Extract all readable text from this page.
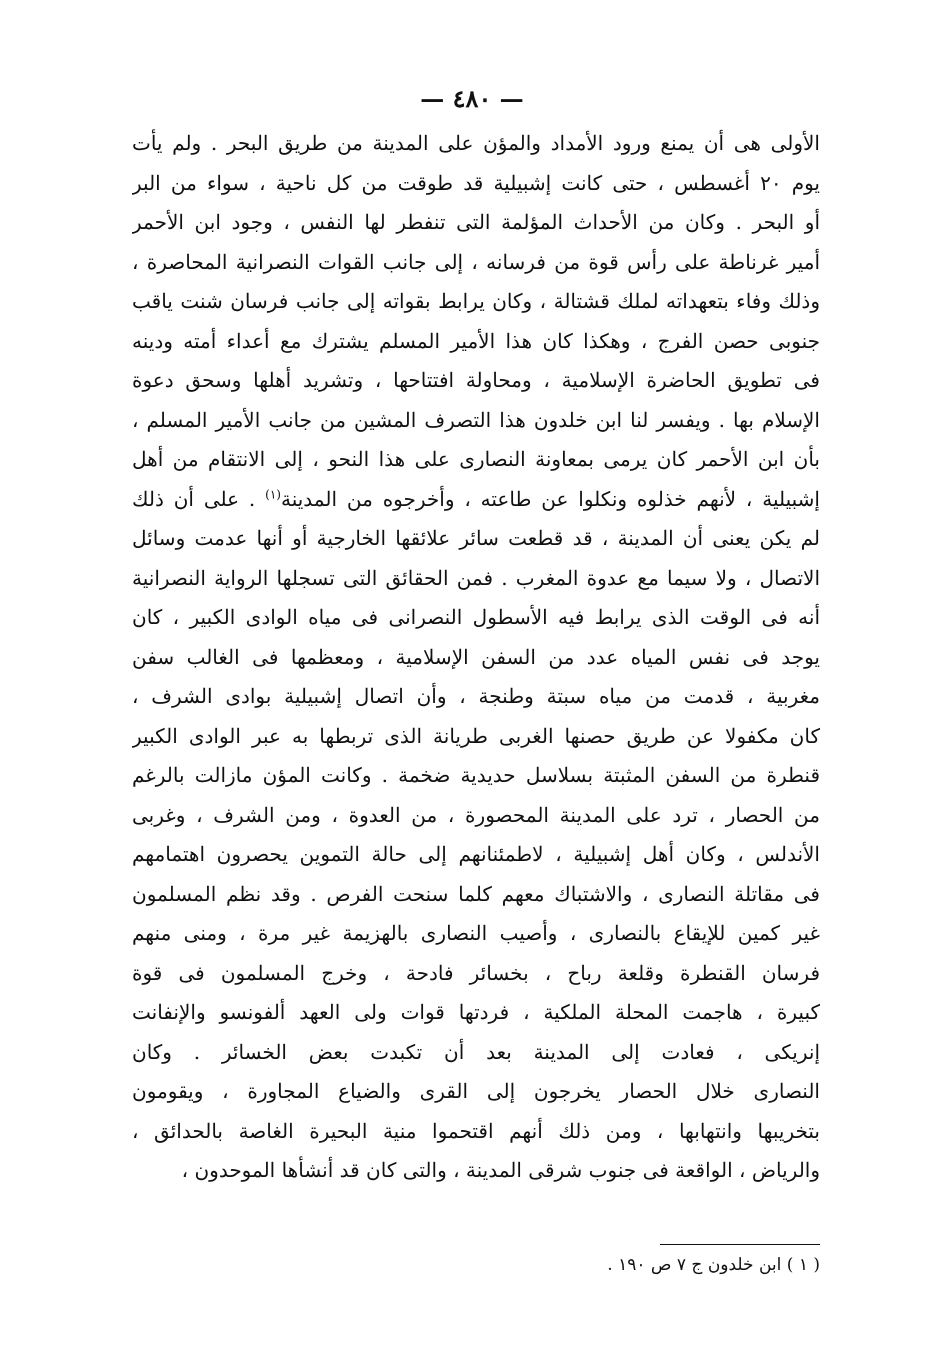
— ٤٨٠ —
الأولى هى أن يمنع ورود الأمداد والمؤن على المدينة من طريق البحر . ولم يأت
يوم ٢٠ أغسطس ، حتى كانت إشبيلية قد طوقت من كل ناحية ، سواء من البر
أو البحر . وكان من الأحداث المؤلمة التى تنفطر لها النفس ، وجود ابن الأحمر
أمير غرناطة على رأس قوة من فرسانه ، إلى جانب القوات النصرانية المحاصرة ،
وذلك وفاء بتعهداته لملك قشتالة ، وكان يرابط بقواته إلى جانب فرسان شنت ياقب
جنوبى حصن الفرج ، وهكذا كان هذا الأمير المسلم يشترك مع أعداء أمته ودينه
فى تطويق الحاضرة الإسلامية ، ومحاولة افتتاحها ، وتشريد أهلها وسحق دعوة
الإسلام بها . ويفسر لنا ابن خلدون هذا التصرف المشين من جانب الأمير المسلم ،
بأن ابن الأحمر كان يرمى بمعاونة النصارى على هذا النحو ، إلى الانتقام من أهل
إشبيلية ، لأنهم خذلوه ونكلوا عن طاعته ، وأخرجوه من المدينة$^{(١)}$ . على أن ذلك
لم يكن يعنى أن المدينة ، قد قطعت سائر علائقها الخارجية أو أنها عدمت وسائل
الاتصال ، ولا سيما مع عدوة المغرب . فمن الحقائق التى تسجلها الرواية النصرانية
أنه فى الوقت الذى يرابط فيه الأسطول النصرانى فى مياه الوادى الكبير ، كان
يوجد فى نفس المياه عدد من السفن الإسلامية ، ومعظمها فى الغالب سفن
مغربية ، قدمت من مياه سبتة وطنجة ، وأن اتصال إشبيلية بوادى الشرف ،
كان مكفولا عن طريق حصنها الغربى طريانة الذى تربطها به عبر الوادى الكبير
قنطرة من السفن المثبتة بسلاسل حديدية ضخمة . وكانت المؤن مازالت بالرغم
من الحصار ، ترد على المدينة المحصورة ، من العدوة ، ومن الشرف ، وغربى
الأندلس ، وكان أهل إشبيلية ، لاطمئنانهم إلى حالة التموين يحصرون اهتمامهم
فى مقاتلة النصارى ، والاشتباك معهم كلما سنحت الفرص . وقد نظم المسلمون
غير كمين للإيقاع بالنصارى ، وأصيب النصارى بالهزيمة غير مرة ، ومنى منهم
فرسان القنطرة وقلعة رباح ، بخسائر فادحة ، وخرج المسلمون فى قوة
كبيرة ، هاجمت المحلة الملكية ، فردتها قوات ولى العهد ألفونسو والإنفانت
إنريكى ، فعادت إلى المدينة بعد أن تكبدت بعض الخسائر . وكان
النصارى خلال الحصار يخرجون إلى القرى والضياع المجاورة ، ويقومون
بتخريبها وانتهابها ، ومن ذلك أنهم اقتحموا منية البحيرة الغاصة بالحدائق ،
والرياض ، الواقعة فى جنوب شرقى المدينة ، والتى كان قد أنشأها الموحدون ،
( ١ ) ابن خلدون ج ٧ ص ١٩٠ .
